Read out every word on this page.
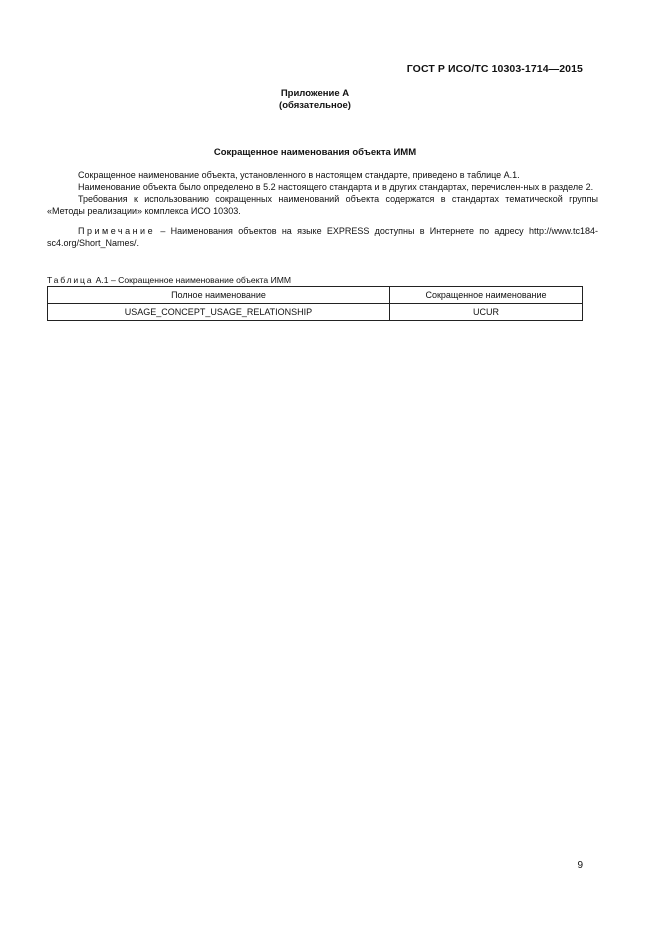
ГОСТ Р ИСО/ТС 10303-1714—2015
Приложение А
(обязательное)
Сокращенное наименования объекта ИММ

Сокращенное наименование объекта, установленного в настоящем стандарте, приведено в таблице А.1.

Наименование объекта было определено в 5.2 настоящего стандарта и в других стандартах, перечислен-ных в разделе 2.

Требования к использованию сокращенных наименований объекта содержатся в стандартах тематической группы «Методы реализации» комплекса ИСО 10303.

Примечание – Наименования объектов на языке EXPRESS доступны в Интернете по адресу http://www.tc184-sc4.org/Short_Names/.

Таблица А.1 – Сокращенное наименование объекта ИММ
Полное наименование	Сокращенное наименование
USAGE_CONCEPT_USAGE_RELATIONSHIP	UCUR
9
